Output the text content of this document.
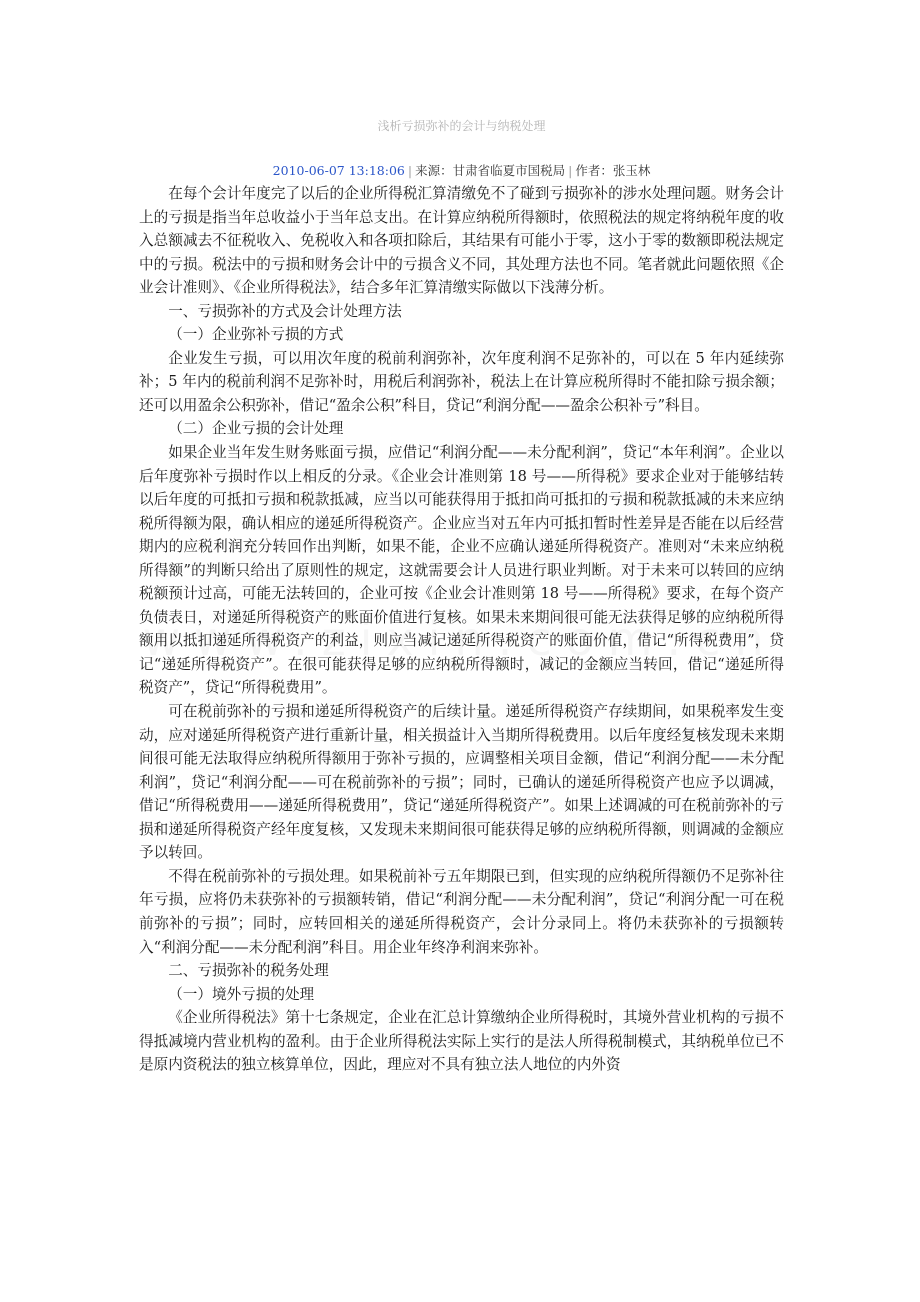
浅析亏损弥补的会计与纳税处理
2010-06-07 13:18:06 | 来源：甘肃省临夏市国税局 | 作者：张玉林

在每个会计年度完了以后的企业所得税汇算清缴免不了碰到亏损弥补的涉水处理问题。财务会计上的亏损是指当年总收益小于当年总支出。在计算应纳税所得额时，依照税法的规定将纳税年度的收入总额减去不征税收入、免税收入和各项扣除后，其结果有可能小于零，这小于零的数额即税法规定中的亏损。税法中的亏损和财务会计中的亏损含义不同，其处理方法也不同。笔者就此问题依照《企业会计准则》、《企业所得税法》，结合多年汇算清缴实际做以下浅薄分析。

一、亏损弥补的方式及会计处理方法

（一）企业弥补亏损的方式

企业发生亏损，可以用次年度的税前利润弥补，次年度利润不足弥补的，可以在 5 年内延续弥补；5 年内的税前利润不足弥补时，用税后利润弥补，税法上在计算应税所得时不能扣除亏损余额；还可以用盈余公积弥补，借记“盈余公积”科目，贷记“利润分配——盈余公积补亏”科目。

（二）企业亏损的会计处理

如果企业当年发生财务账面亏损，应借记“利润分配——未分配利润”，贷记“本年利润”。企业以后年度弥补亏损时作以上相反的分录。《企业会计准则第 18 号——所得税》要求企业对于能够结转以后年度的可抵扣亏损和税款抵减，应当以可能获得用于抵扣尚可抵扣的亏损和税款抵减的未来应纳税所得额为限，确认相应的递延所得税资产。企业应当对五年内可抵扣暂时性差异是否能在以后经营期内的应税利润充分转回作出判断，如果不能，企业不应确认递延所得税资产。准则对“未来应纳税所得额”的判断只给出了原则性的规定，这就需要会计人员进行职业判断。对于未来可以转回的应纳税额预计过高，可能无法转回的，企业可按《企业会计准则第 18 号——所得税》要求，在每个资产负债表日，对递延所得税资产的账面价值进行复核。如果未来期间很可能无法获得足够的应纳税所得额用以抵扣递延所得税资产的利益，则应当减记递延所得税资产的账面价值，借记“所得税费用”，贷记“递延所得税资产”。在很可能获得足够的应纳税所得额时，减记的金额应当转回，借记“递延所得税资产”，贷记“所得税费用”。

可在税前弥补的亏损和递延所得税资产的后续计量。递延所得税资产存续期间，如果税率发生变动，应对递延所得税资产进行重新计量，相关损益计入当期所得税费用。以后年度经复核发现未来期间很可能无法取得应纳税所得额用于弥补亏损的，应调整相关项目金额，借记“利润分配——未分配利润”，贷记“利润分配——可在税前弥补的亏损”；同时，已确认的递延所得税资产也应予以调减，借记“所得税费用——递延所得税费用”，贷记“递延所得税资产”。如果上述调减的可在税前弥补的亏损和递延所得税资产经年度复核，又发现未来期间很可能获得足够的应纳税所得额，则调减的金额应予以转回。

不得在税前弥补的亏损处理。如果税前补亏五年期限已到，但实现的应纳税所得额仍不足弥补往年亏损，应将仍未获弥补的亏损额转销，借记“利润分配——未分配利润”，贷记“利润分配一可在税前弥补的亏损”；同时，应转回相关的递延所得税资产，会计分录同上。将仍未获弥补的亏损额转入“利润分配——未分配利润”科目。用企业年终净利润来弥补。

二、亏损弥补的税务处理

（一）境外亏损的处理

《企业所得税法》第十七条规定，企业在汇总计算缴纳企业所得税时，其境外营业机构的亏损不得抵减境内营业机构的盈利。由于企业所得税法实际上实行的是法人所得税制模式，其纳税单位已不是原内资税法的独立核算单位，因此，理应对不具有独立法人地位的内外资
